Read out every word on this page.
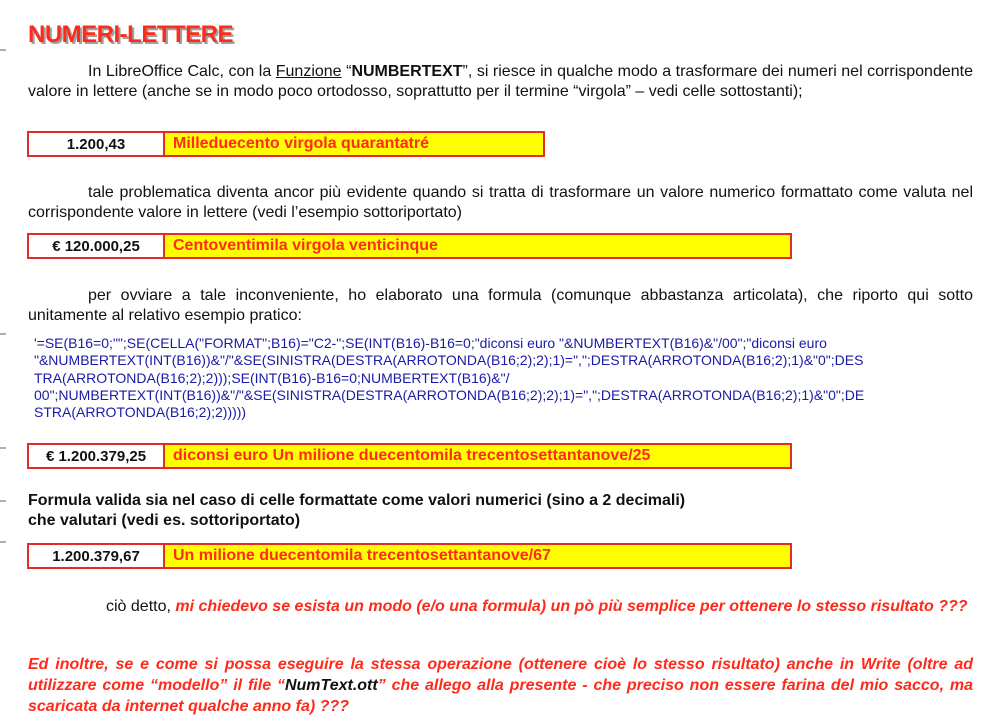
NUMERI-LETTERE
In LibreOffice Calc, con la Funzione “NUMBERTEXT”, si riesce in qualche modo a trasformare dei numeri nel corrispondente valore in lettere (anche se in modo poco ortodosso, soprattutto per il termine “virgola” – vedi celle sottostanti);
1.200,43	Milleduecento virgola quarantatré
tale problematica diventa ancor più evidente quando si tratta di trasformare un valore numerico formattato come valuta nel corrispondente valore in lettere (vedi l’esempio sottoriportato)
€ 120.000,25	Centoventimila virgola venticinque
per ovviare a tale inconveniente, ho elaborato una formula (comunque abbastanza articolata), che riporto qui sotto unitamente al relativo esempio pratico:
'=SE(B16=0;"";SE(CELLA("FORMAT";B16)="C2-";SE(INT(B16)-B16=0;"diconsi euro "&NUMBERTEXT(B16)&"/00";"diconsi euro
"&NUMBERTEXT(INT(B16))&"/"&SE(SINISTRA(DESTRA(ARROTONDA(B16;2);2);1)=",";DESTRA(ARROTONDA(B16;2);1)&"0";DES
TRA(ARROTONDA(B16;2);2)));SE(INT(B16)-B16=0;NUMBERTEXT(B16)&"/
00";NUMBERTEXT(INT(B16))&"/"&SE(SINISTRA(DESTRA(ARROTONDA(B16;2);2);1)=",";DESTRA(ARROTONDA(B16;2);1)&"0";DE
STRA(ARROTONDA(B16;2);2)))))
€ 1.200.379,25	diconsi euro Un milione duecentomila trecentosettantanove/25
Formula valida sia nel caso di celle formattate come valori numerici (sino a 2 decimali)
che valutari (vedi es. sottoriportato)
1.200.379,67	Un milione duecentomila trecentosettantanove/67
ciò detto, mi chiedevo se esista un modo (e/o una formula) un pò più semplice per ottenere lo stesso risultato ???
Ed inoltre, se e come si possa eseguire la stessa operazione (ottenere cioè lo stesso risultato) anche in Write (oltre ad utilizzare come “modello” il file “NumText.ott” che allego alla presente - che preciso non essere farina del mio sacco, ma scaricata da internet qualche anno fa) ???
